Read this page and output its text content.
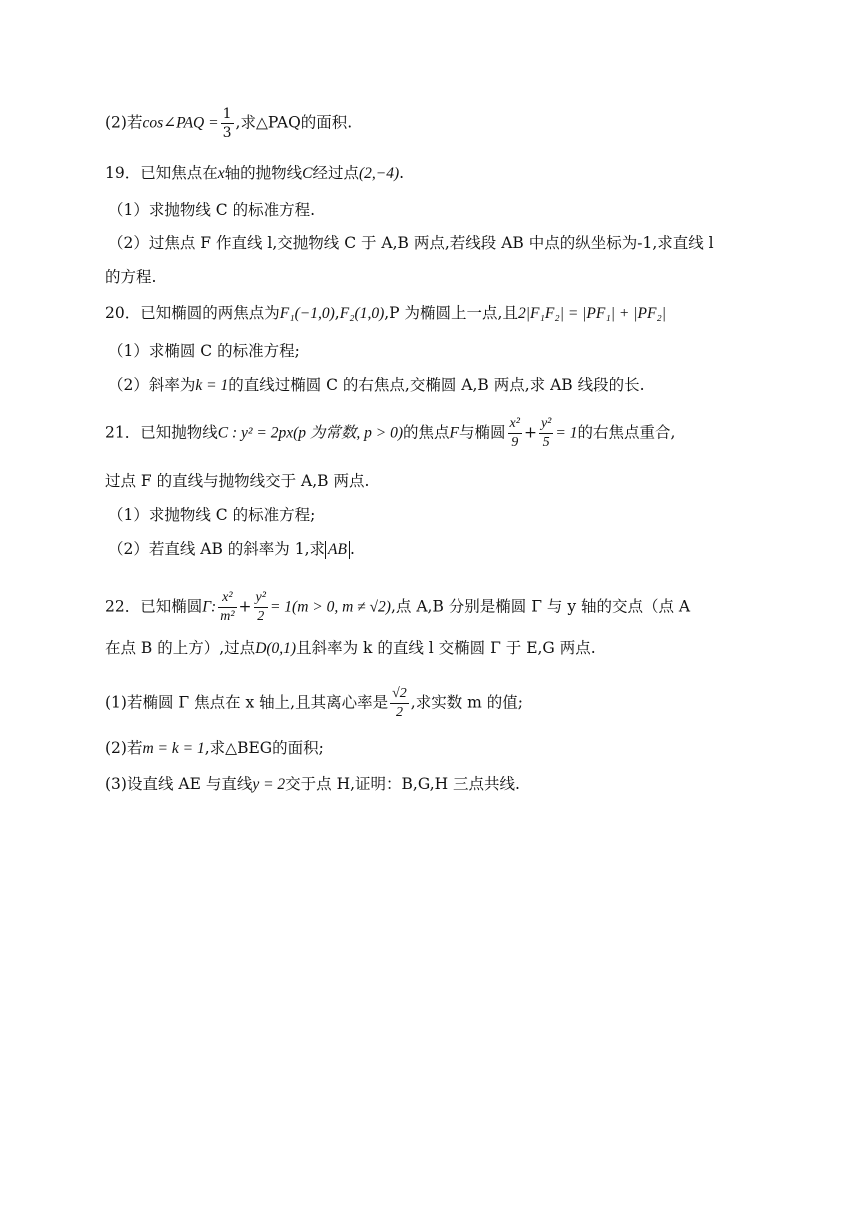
(2)若cos∠PAQ = $\frac{1}{3}$ ,求△PAQ的面积.
19．已知焦点在x轴的抛物线C经过点(2,−4).
（1）求抛物线 C 的标准方程.
（2）过焦点 F 作直线 l,交抛物线 C 于 A,B 两点,若线段 AB 中点的纵坐标为-1,求直线 l
的方程.
20．已知椭圆的两焦点为F₁(−1,0),F₂(1,0),P 为椭圆上一点,且2|F₁F₂| = |PF₁| + |PF₂|
（1）求椭圆 C 的标准方程;
（2）斜率为k = 1的直线过椭圆 C 的右焦点,交椭圆 A,B 两点,求 AB 线段的长.
21．已知抛物线C : y² = 2px(p 为常数, p > 0)的焦点F与椭圆 $\frac{\text{x²}}{9} + \frac{\text{y²}}{5} = 1$的右焦点重合,
过点 F 的直线与抛物线交于 A,B 两点.
（1）求抛物线 C 的标准方程;
（2）若直线 AB 的斜率为 1,求 AB .
22．已知椭圆Γ: $\frac{\text{x²}}{\text{m²}} + \frac{\text{y²}}{2} = 1(m > 0$, m ≠ √2),点 A,B 分别是椭圆 Γ 与 y 轴的交点（点 A
在点 B 的上方）,过点D(0,1)且斜率为 k 的直线 l 交椭圆 Γ 于 E,G 两点.
(1)若椭圆 Γ 焦点在 x 轴上,且其离心率是 $\frac{√2}{2}$ ,求实数 m 的值;
(2)若m = k = 1,求△BEG的面积;
(3)设直线 AE 与直线y = 2交于点 H,证明：B,G,H 三点共线.
